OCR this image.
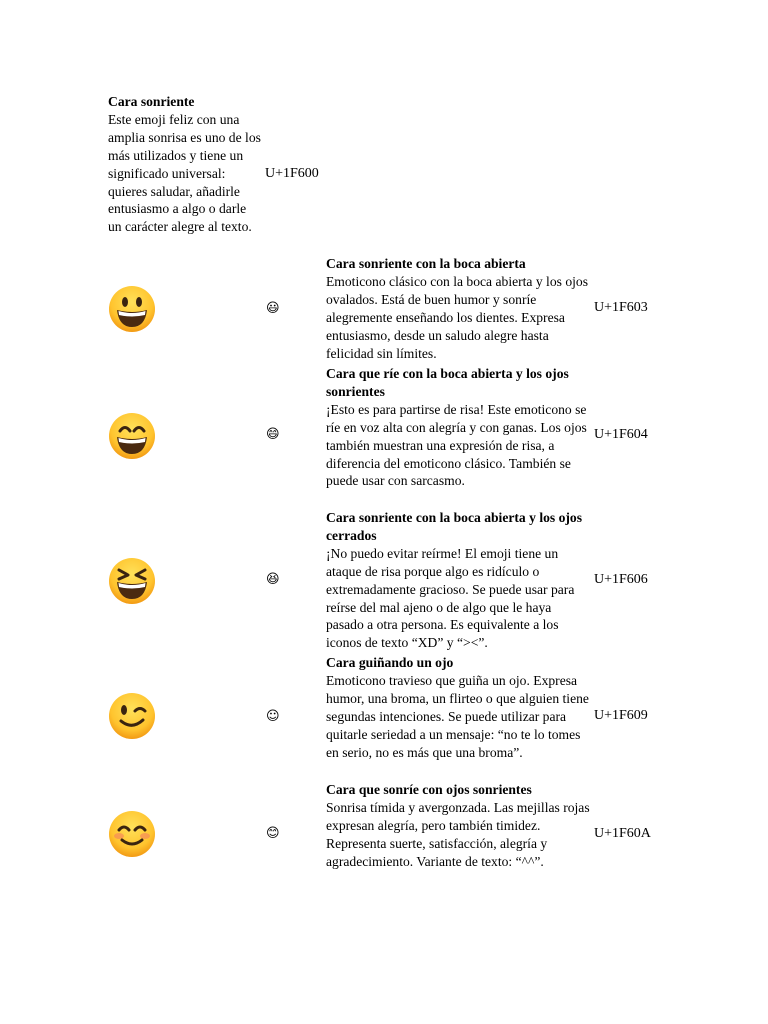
Cara sonriente
Este emoji feliz con una amplia sonrisa es uno de los más utilizados y tiene un significado universal: quieres saludar, añadirle entusiasmo a algo o darle un carácter alegre al texto.
U+1F600
😃
Cara sonriente con la boca abierta
Emoticono clásico con la boca abierta y los ojos ovalados. Está de buen humor y sonríe alegremente enseñando los dientes. Expresa entusiasmo, desde un saludo alegre hasta felicidad sin límites.
U+1F603
😄
Cara que ríe con la boca abierta y los ojos sonrientes
¡Esto es para partirse de risa! Este emoticono se ríe en voz alta con alegría y con ganas. Los ojos también muestran una expresión de risa, a diferencia del emoticono clásico. También se puede usar con sarcasmo.
U+1F604
😆
Cara sonriente con la boca abierta y los ojos cerrados
¡No puedo evitar reírme! El emoji tiene un ataque de risa porque algo es ridículo o extremadamente gracioso. Se puede usar para reírse del mal ajeno o de algo que le haya pasado a otra persona. Es equivalente a los iconos de texto “XD” y “><”.
U+1F606
☺
Cara guiñando un ojo
Emoticono travieso que guiña un ojo. Expresa humor, una broma, un flirteo o que alguien tiene segundas intenciones. Se puede utilizar para quitarle seriedad a un mensaje: “no te lo tomes en serio, no es más que una broma”.
U+1F609
😊
Cara que sonríe con ojos sonrientes
Sonrisa tímida y avergonzada. Las mejillas rojas expresan alegría, pero también timidez. Representa suerte, satisfacción, alegría y agradecimiento. Variante de texto: “^^”.
U+1F60A
